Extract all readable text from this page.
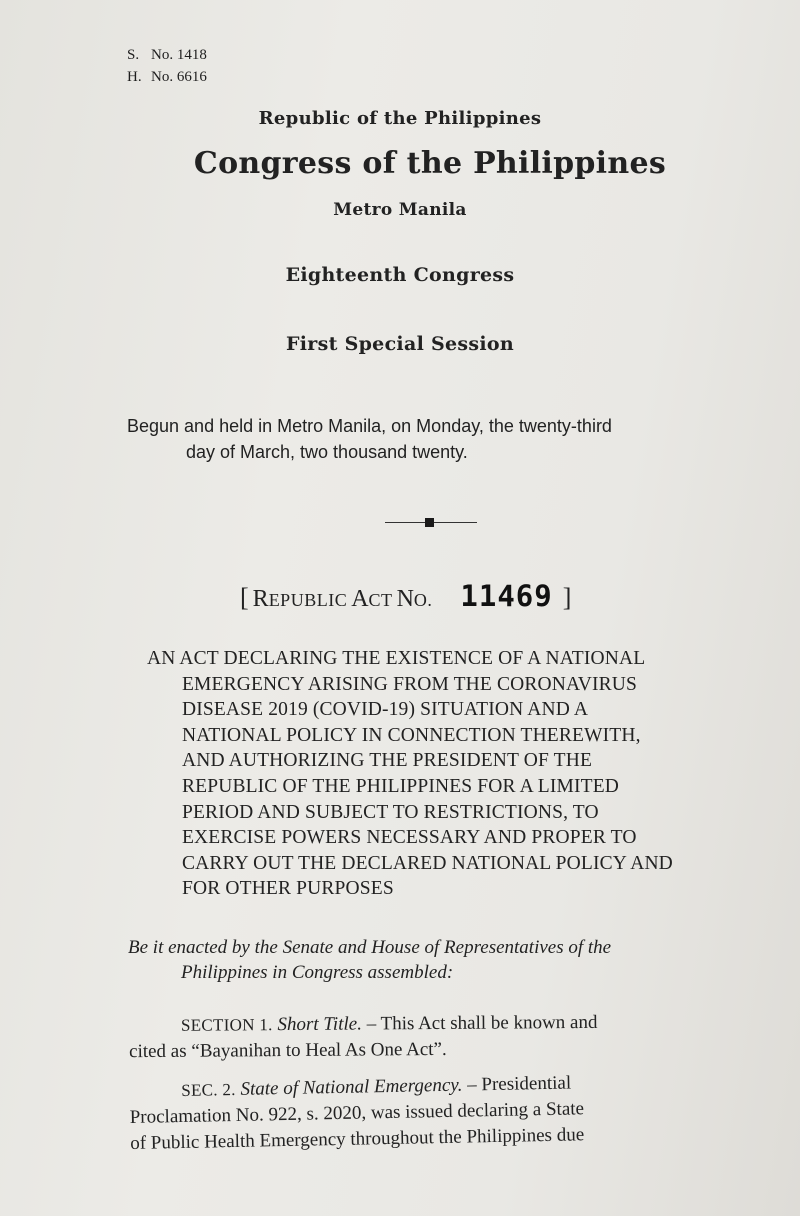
S. No. 1418
H. No. 6616
Republic of the Philippines
Congress of the Philippines
Metro Manila
Eighteenth Congress
First Special Session
Begun and held in Metro Manila, on Monday, the twenty-third
day of March, two thousand twenty.
[ REPUBLIC ACT NO. 11469 ]
AN ACT DECLARING THE EXISTENCE OF A NATIONAL
EMERGENCY ARISING FROM THE CORONAVIRUS
DISEASE 2019 (COVID-19) SITUATION AND A
NATIONAL POLICY IN CONNECTION THEREWITH,
AND AUTHORIZING THE PRESIDENT OF THE
REPUBLIC OF THE PHILIPPINES FOR A LIMITED
PERIOD AND SUBJECT TO RESTRICTIONS, TO
EXERCISE POWERS NECESSARY AND PROPER TO
CARRY OUT THE DECLARED NATIONAL POLICY AND
FOR OTHER PURPOSES
Be it enacted by the Senate and House of Representatives of the
Philippines in Congress assembled:
SECTION 1. Short Title. – This Act shall be known and
cited as “Bayanihan to Heal As One Act”.
SEC. 2. State of National Emergency. – Presidential
Proclamation No. 922, s. 2020, was issued declaring a State
of Public Health Emergency throughout the Philippines due
